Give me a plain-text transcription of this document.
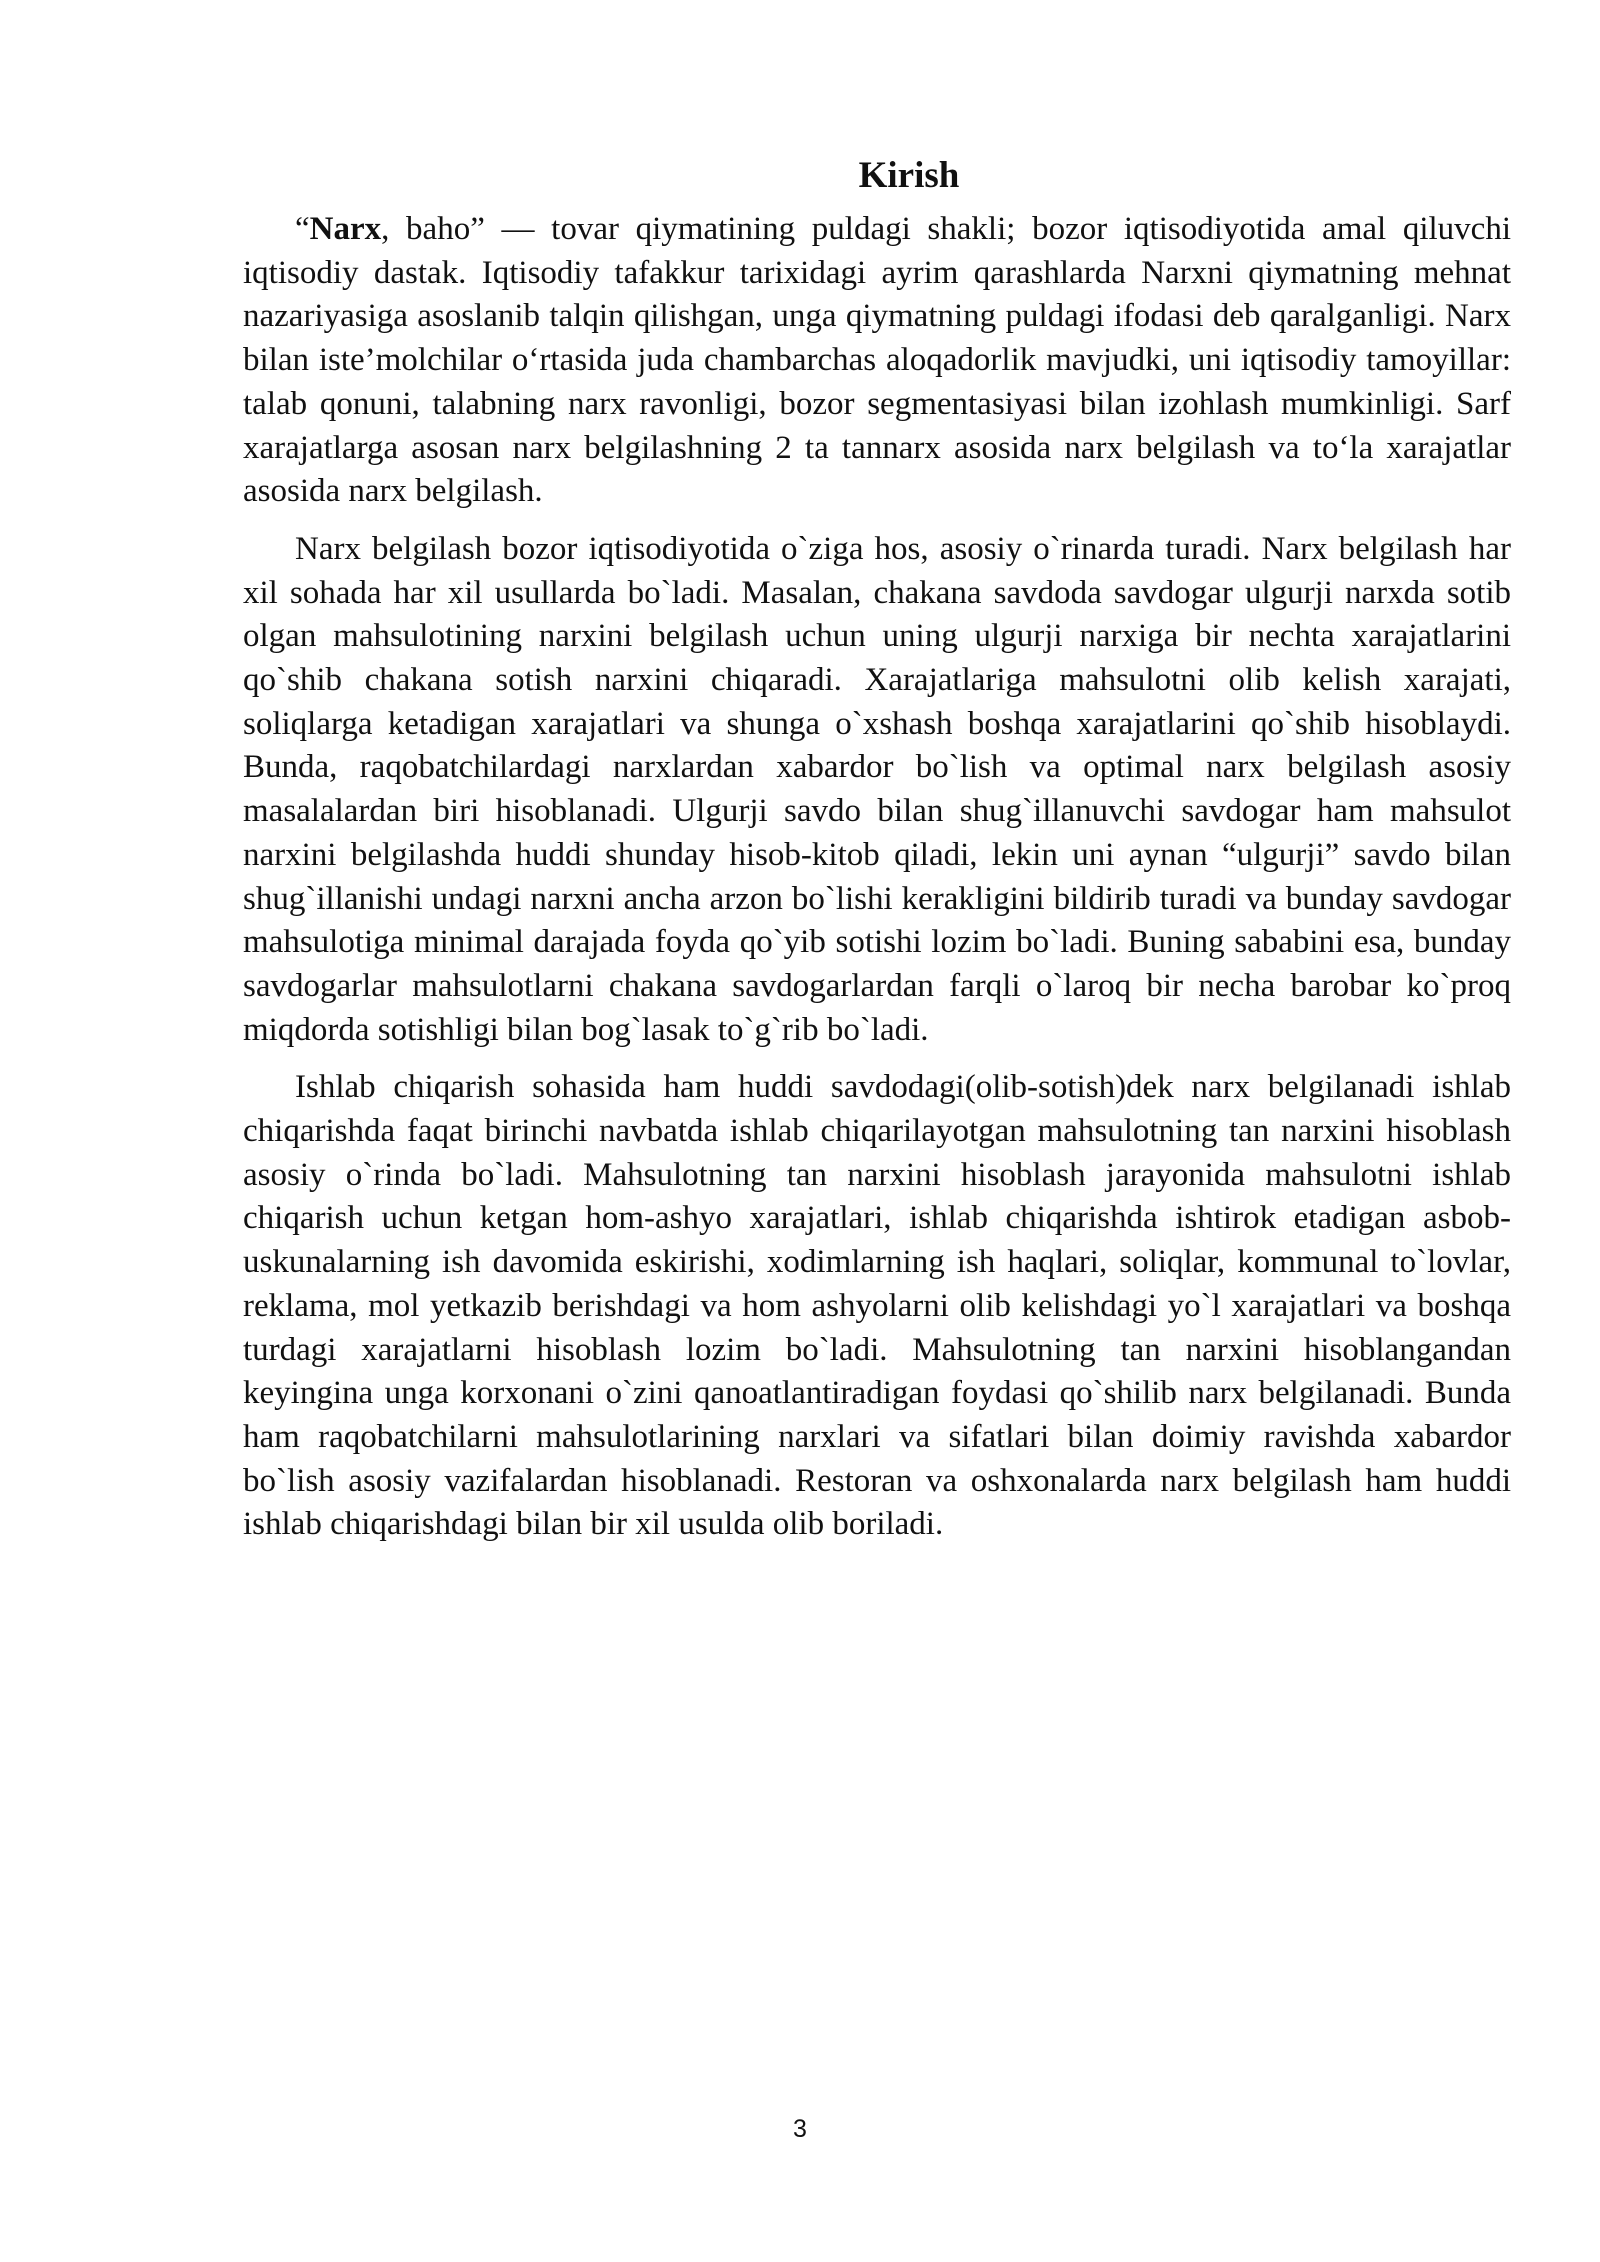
Kirish

“Narx, baho” — tovar qiymatining puldagi shakli; bozor iqtisodiyotida amal qiluvchi iqtisodiy dastak. Iqtisodiy tafakkur tarixidagi ayrim qarashlarda Narxni qiymatning mehnat nazariyasiga asoslanib talqin qilishgan, unga qiymatning puldagi ifodasi deb qaralganligi. Narx bilan iste’molchilar oʻrtasida juda chambarchas aloqadorlik mavjudki, uni iqtisodiy tamoyillar: talab qonuni, talabning narx ravonligi, bozor segmentasiyasi bilan izohlash mumkinligi. Sarf xarajatlarga asosan narx belgilashning 2 ta tannarx asosida narx belgilash va toʻla xarajatlar asosida narx belgilash.

Narx belgilash bozor iqtisodiyotida o`ziga hos, asosiy o`rinarda turadi. Narx belgilash har xil sohada har xil usullarda bo`ladi. Masalan, chakana savdoda savdogar ulgurji narxda sotib olgan mahsulotining narxini belgilash uchun uning ulgurji narxiga bir nechta xarajatlarini qo`shib chakana sotish narxini chiqaradi. Xarajatlariga mahsulotni olib kelish xarajati, soliqlarga ketadigan xarajatlari va shunga o`xshash boshqa xarajatlarini qo`shib hisoblaydi. Bunda, raqobatchilardagi narxlardan xabardor bo`lish va optimal narx belgilash asosiy masalalardan biri hisoblanadi. Ulgurji savdo bilan shug`illanuvchi savdogar ham mahsulot narxini belgilashda huddi shunday hisob-kitob qiladi, lekin uni aynan “ulgurji” savdo bilan shug`illanishi undagi narxni ancha arzon bo`lishi kerakligini bildirib turadi va bunday savdogar mahsulotiga minimal darajada foyda qo`yib sotishi lozim bo`ladi. Buning sababini esa, bunday savdogarlar mahsulotlarni chakana savdogarlardan farqli o`laroq bir necha barobar ko`proq miqdorda sotishligi bilan bog`lasak to`g`rib bo`ladi.

Ishlab chiqarish sohasida ham huddi savdodagi(olib-sotish)dek narx belgilanadi ishlab chiqarishda faqat birinchi navbatda ishlab chiqarilayotgan mahsulotning tan narxini hisoblash asosiy o`rinda bo`ladi. Mahsulotning tan narxini hisoblash jarayonida mahsulotni ishlab chiqarish uchun ketgan hom-ashyo xarajatlari, ishlab chiqarishda ishtirok etadigan asbob-uskunalarning ish davomida eskirishi, xodimlarning ish haqlari, soliqlar, kommunal to`lovlar, reklama, mol yetkazib berishdagi va hom ashyolarni olib kelishdagi yo`l xarajatlari va boshqa turdagi xarajatlarni hisoblash lozim bo`ladi. Mahsulotning tan narxini hisoblangandan keyingina unga korxonani o`zini qanoatlantiradigan foydasi qo`shilib narx belgilanadi. Bunda ham raqobatchilarni mahsulotlarining narxlari va sifatlari bilan doimiy ravishda xabardor bo`lish asosiy vazifalardan hisoblanadi. Restoran va oshxonalarda narx belgilash ham huddi ishlab chiqarishdagi bilan bir xil usulda olib boriladi.

3
